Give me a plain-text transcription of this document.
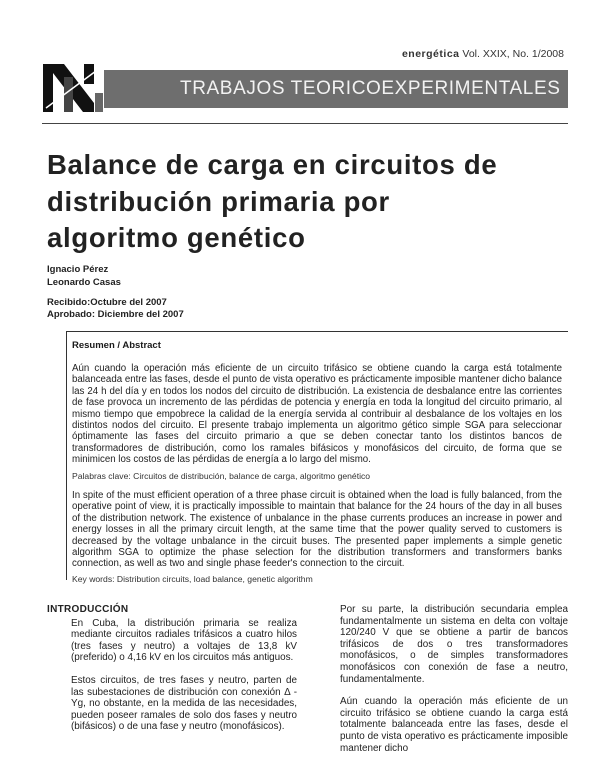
energética Vol. XXIX, No. 1/2008
TRABAJOS TEORICOEXPERIMENTALES
Balance de carga en circuitos de distribución primaria por algoritmo genético
Ignacio Pérez
Leonardo Casas
Recibido:Octubre del 2007
Aprobado: Diciembre del 2007
Resumen / Abstract

Aún cuando la operación más eficiente de un circuito trifásico se obtiene cuando la carga está totalmente balanceada entre las fases, desde el punto de vista operativo es prácticamente imposible mantener dicho balance las 24 h del día y en todos los nodos del circuito de distribución. La existencia de desbalance entre las corrientes de fase provoca un incremento de las pérdidas de potencia y energía en toda la longitud del circuito primario, al mismo tiempo que empobrece la calidad de la energía servida al contribuir al desbalance de los voltajes en los distintos nodos del circuito. El presente trabajo implementa un algoritmo gético simple SGA para seleccionar óptimamente las fases del circuito primario a que se deben conectar tanto los distintos bancos de transformadores de distribución, como los ramales bifásicos y monofásicos del circuito, de forma que se minimicen los costos de las pérdidas de energía a lo largo del mismo.

Palabras clave: Circuitos de distribución, balance de carga, algoritmo genético

In spite of the must efficient operation of a three phase circuit is obtained when the load is fully balanced, from the operative point of view, it is practically impossible to maintain that balance for the 24 hours of the day in all buses of the distribution network. The existence of unbalance in the phase currents produces an increase in power and energy losses in all the primary circuit length, at the same time that the power quality served to customers is decreased by the voltage unbalance in the circuit buses. The presented paper implements a simple genetic algorithm SGA to optimize the phase selection for the distribution transformers and transformers banks connection, as well as two and single phase feeder's connection to the circuit.

Key words: Distribution circuits, load balance, genetic algorithm
INTRODUCCIÓN

En Cuba, la distribución primaria se realiza mediante circuitos radiales trifásicos a cuatro hilos (tres fases y neutro) a voltajes de 13,8 kV (preferido) o 4,16 kV en los circuitos más antiguos.

Estos circuitos, de tres fases y neutro, parten de las subestaciones de distribución con conexión Δ -Yg, no obstante, en la medida de las necesidades, pueden poseer ramales de solo dos fases y neutro (bifásicos) o de una fase y neutro (monofásicos).

Por su parte, la distribución secundaria emplea fundamentalmente un sistema en delta con voltaje 120/240 V que se obtiene a partir de bancos trifásicos de dos o tres transformadores monofásicos, o de simples transformadores monofásicos con conexión de fase a neutro, fundamentalmente.

Aún cuando la operación más eficiente de un circuito trifásico se obtiene cuando la carga está totalmente balanceada entre las fases, desde el punto de vista operativo es prácticamente imposible mantener dicho
